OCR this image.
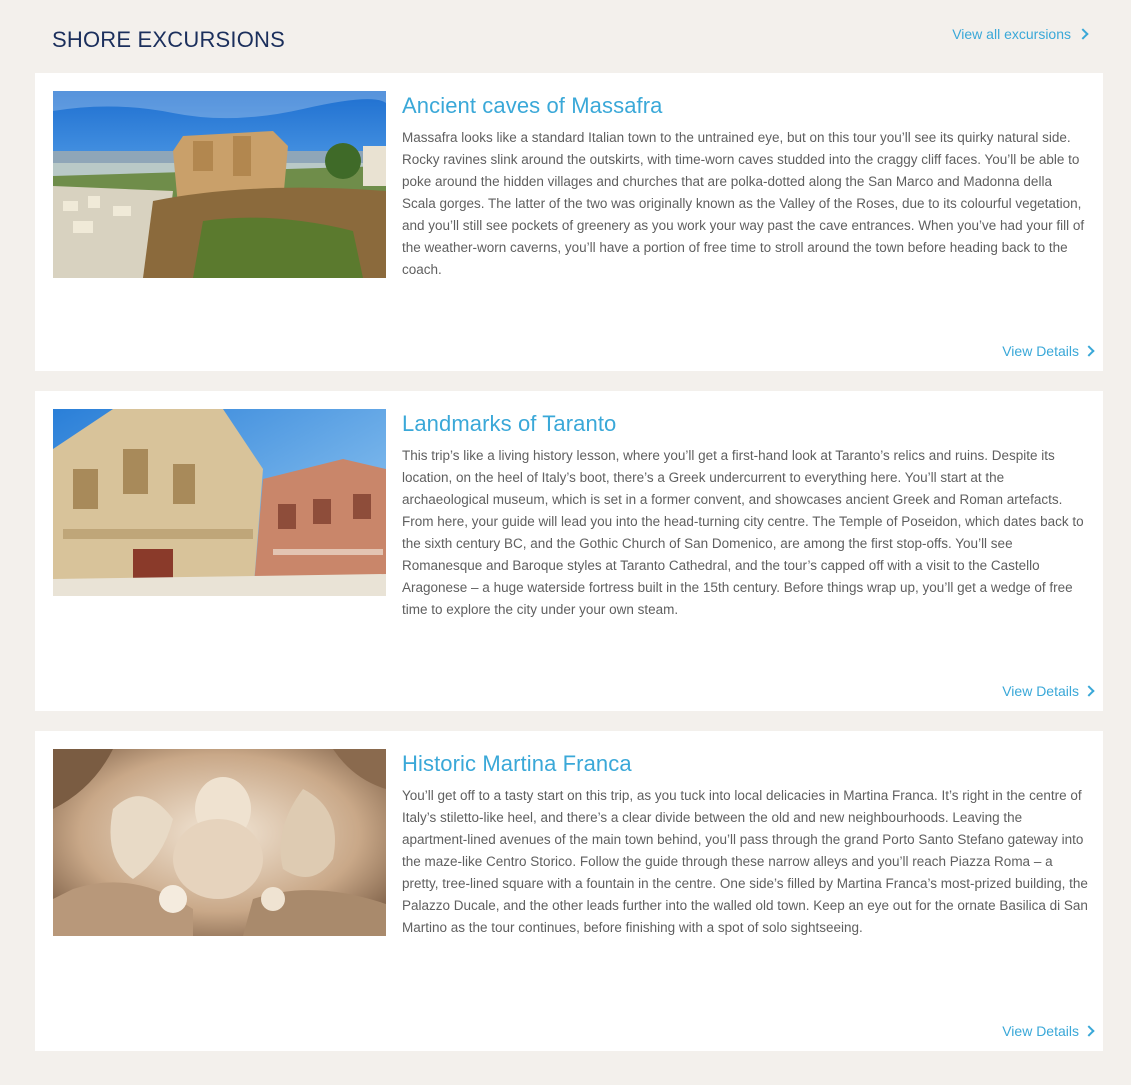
SHORE EXCURSIONS	View all excursions
Ancient caves of Massafra

Massafra looks like a standard Italian town to the untrained eye, but on this tour you’ll see its quirky natural side. Rocky ravines slink around the outskirts, with time-worn caves studded into the craggy cliff faces. You’ll be able to poke around the hidden villages and churches that are polka-dotted along the San Marco and Madonna della Scala gorges. The latter of the two was originally known as the Valley of the Roses, due to its colourful vegetation, and you’ll still see pockets of greenery as you work your way past the cave entrances. When you’ve had your fill of the weather-worn caverns, you’ll have a portion of free time to stroll around the town before heading back to the coach.

View Details
Landmarks of Taranto

This trip’s like a living history lesson, where you’ll get a first-hand look at Taranto’s relics and ruins. Despite its location, on the heel of Italy’s boot, there’s a Greek undercurrent to everything here. You’ll start at the archaeological museum, which is set in a former convent, and showcases ancient Greek and Roman artefacts. From here, your guide will lead you into the head-turning city centre. The Temple of Poseidon, which dates back to the sixth century BC, and the Gothic Church of San Domenico, are among the first stop-offs. You’ll see Romanesque and Baroque styles at Taranto Cathedral, and the tour’s capped off with a visit to the Castello Aragonese – a huge waterside fortress built in the 15th century. Before things wrap up, you’ll get a wedge of free time to explore the city under your own steam.

View Details
Historic Martina Franca

You’ll get off to a tasty start on this trip, as you tuck into local delicacies in Martina Franca. It’s right in the centre of Italy’s stiletto-like heel, and there’s a clear divide between the old and new neighbourhoods. Leaving the apartment-lined avenues of the main town behind, you’ll pass through the grand Porto Santo Stefano gateway into the maze-like Centro Storico. Follow the guide through these narrow alleys and you’ll reach Piazza Roma – a pretty, tree-lined square with a fountain in the centre. One side’s filled by Martina Franca’s most-prized building, the Palazzo Ducale, and the other leads further into the walled old town. Keep an eye out for the ornate Basilica di San Martino as the tour continues, before finishing with a spot of solo sightseeing.

View Details
